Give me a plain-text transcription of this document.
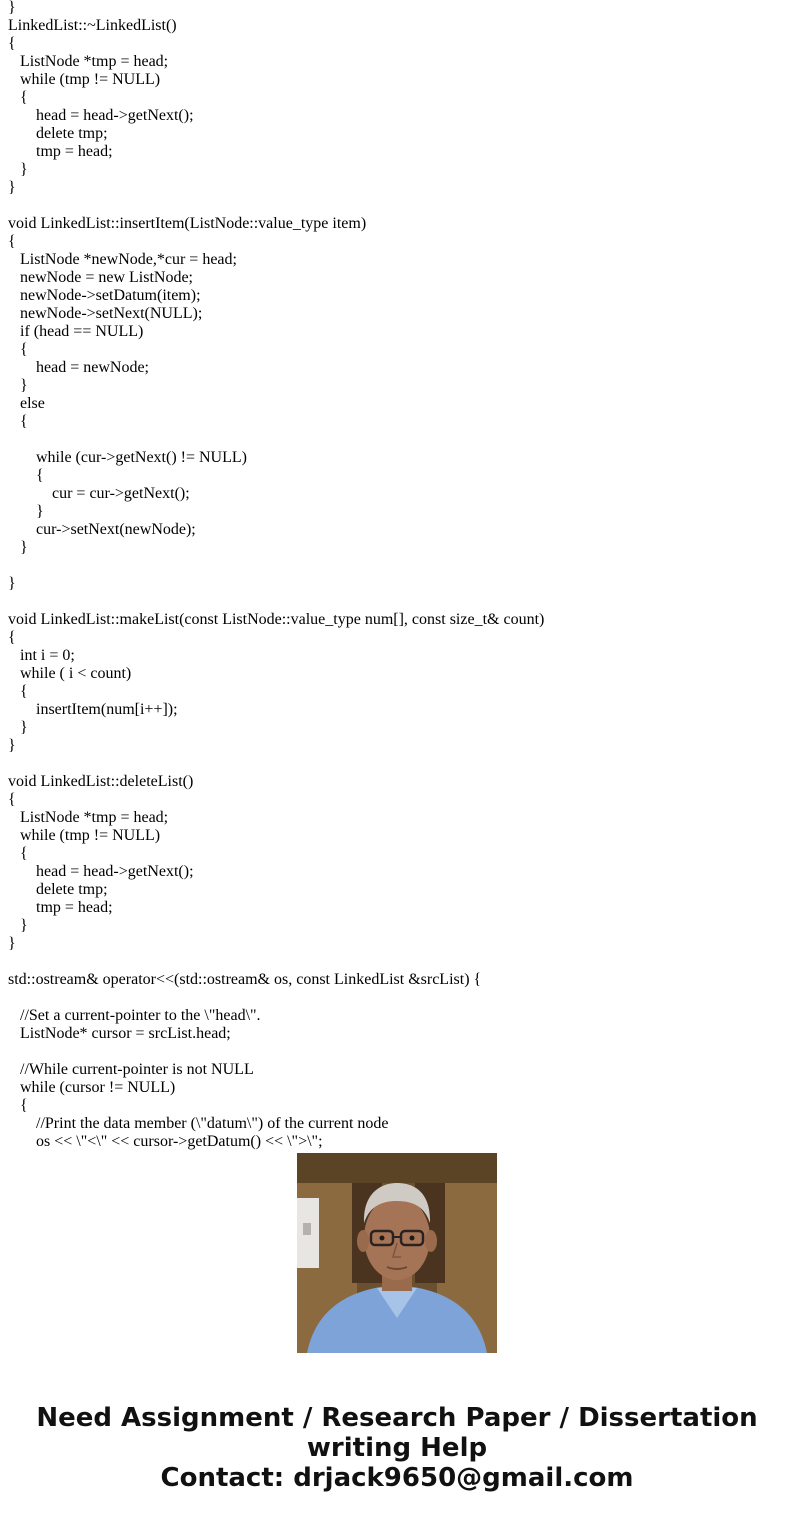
}
LinkedList::~LinkedList()
{
ListNode *tmp = head;
while (tmp != NULL)
{
head = head->getNext();
delete tmp;
tmp = head;
}
}
void LinkedList::insertItem(ListNode::value_type item)
{
ListNode *newNode,*cur = head;
newNode = new ListNode;
newNode->setDatum(item);
newNode->setNext(NULL);
if (head == NULL)
{
head = newNode;
}
else
{
while (cur->getNext() != NULL)
{
cur = cur->getNext();
}
cur->setNext(newNode);
}
}
void LinkedList::makeList(const ListNode::value_type num[], const size_t& count)
{
int i = 0;
while ( i < count)
{
insertItem(num[i++]);
}
}
void LinkedList::deleteList()
{
ListNode *tmp = head;
while (tmp != NULL)
{
head = head->getNext();
delete tmp;
tmp = head;
}
}
std::ostream& operator<<(std::ostream& os, const LinkedList &srcList) {
//Set a current-pointer to the \"head\".
ListNode* cursor = srcList.head;
//While current-pointer is not NULL
while (cursor != NULL)
{
//Print the data member (\"datum\") of the current node
os << \"<\" << cursor->getDatum() << \">\";
Need Assignment / Research Paper / Dissertation
writing Help
Contact: drjack9650@gmail.com
